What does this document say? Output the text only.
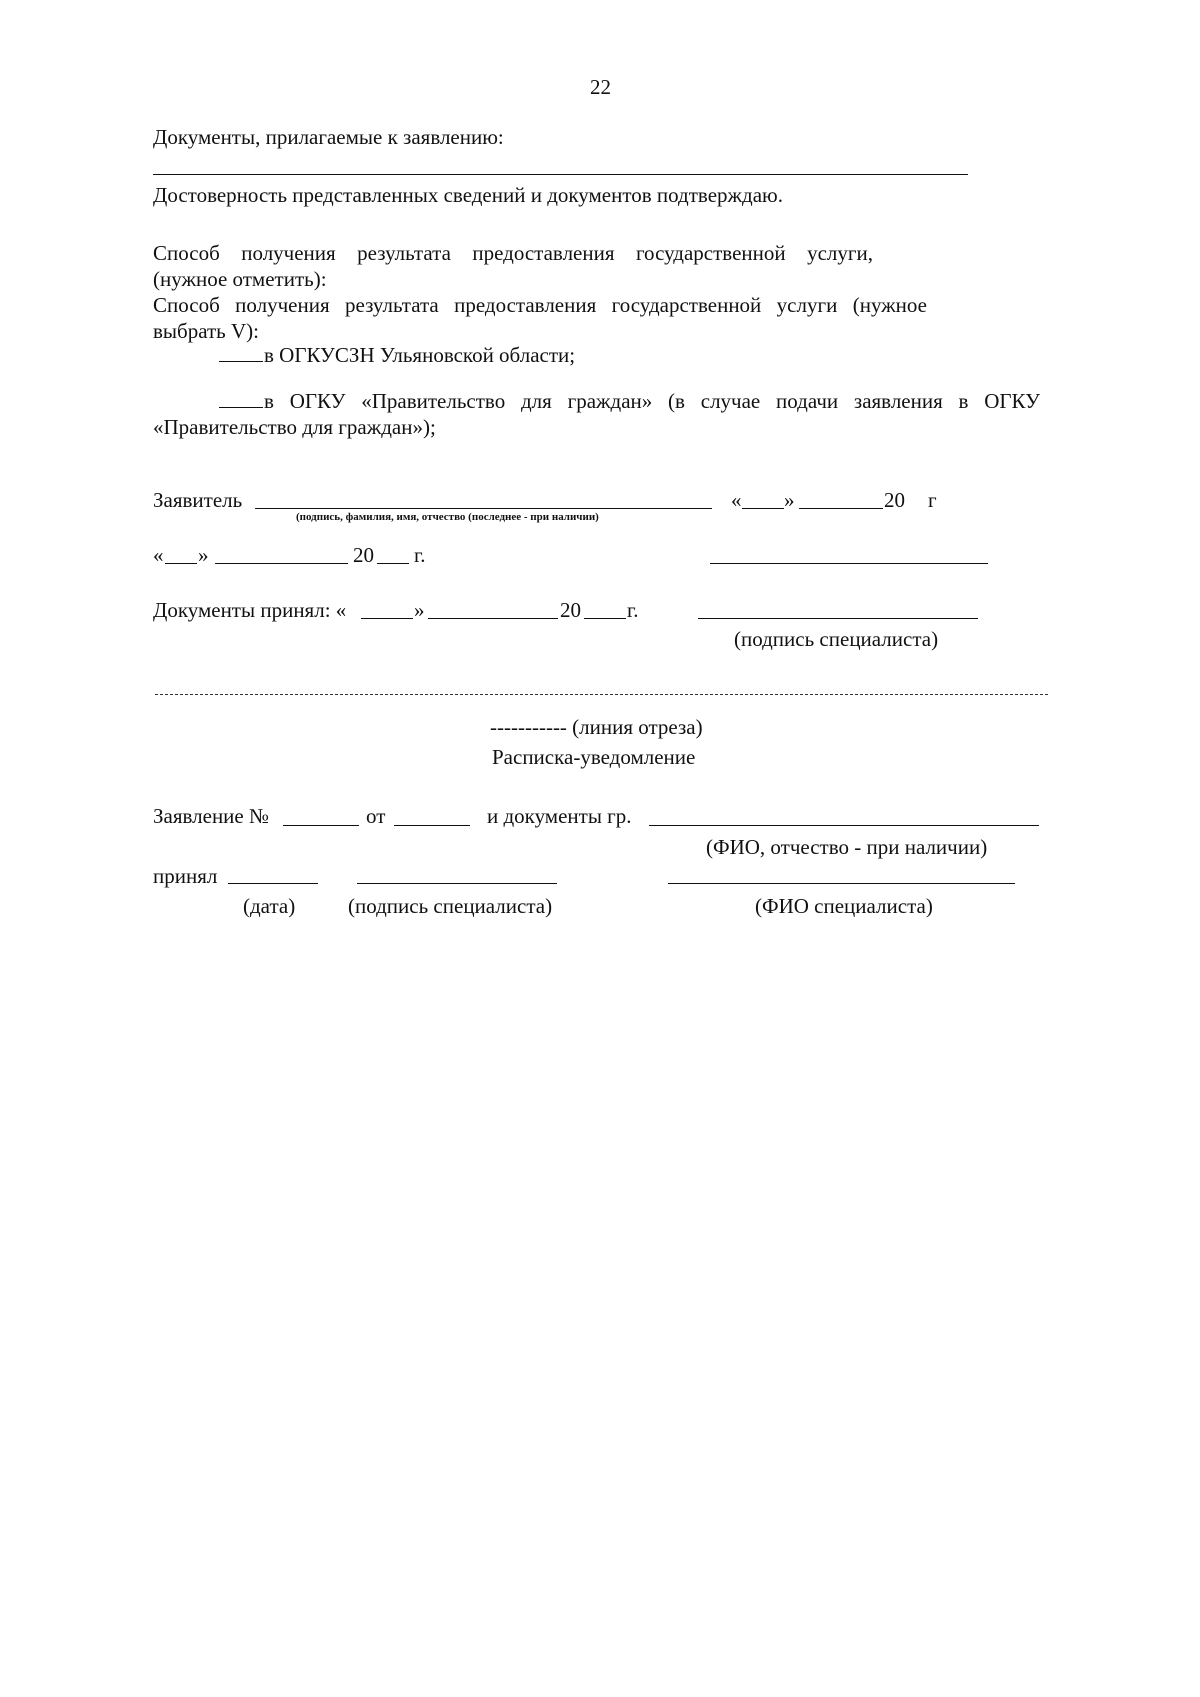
22
Документы, прилагаемые к заявлению:
Достоверность представленных сведений и документов подтверждаю.
Способ получения результата предоставления государственной услуги,
(нужное отметить):
Способ получения результата предоставления государственной услуги (нужное
выбрать V):
в ОГКУСЗН Ульяновской области;
в ОГКУ «Правительство для граждан» (в случае подачи заявления в ОГКУ
«Правительство для граждан»);
Заявитель
(подпись, фамилия, имя, отчество (последнее - при наличии)
« »	20 г
« »	20 г.
Документы принял: «	»	20 г.
(подпись специалиста)
----------- (линия отреза)
Расписка-уведомление
Заявление №	от	и документы гр.
(ФИО, отчество - при наличии)
принял
(дата)	(подпись специалиста)	(ФИО специалиста)
